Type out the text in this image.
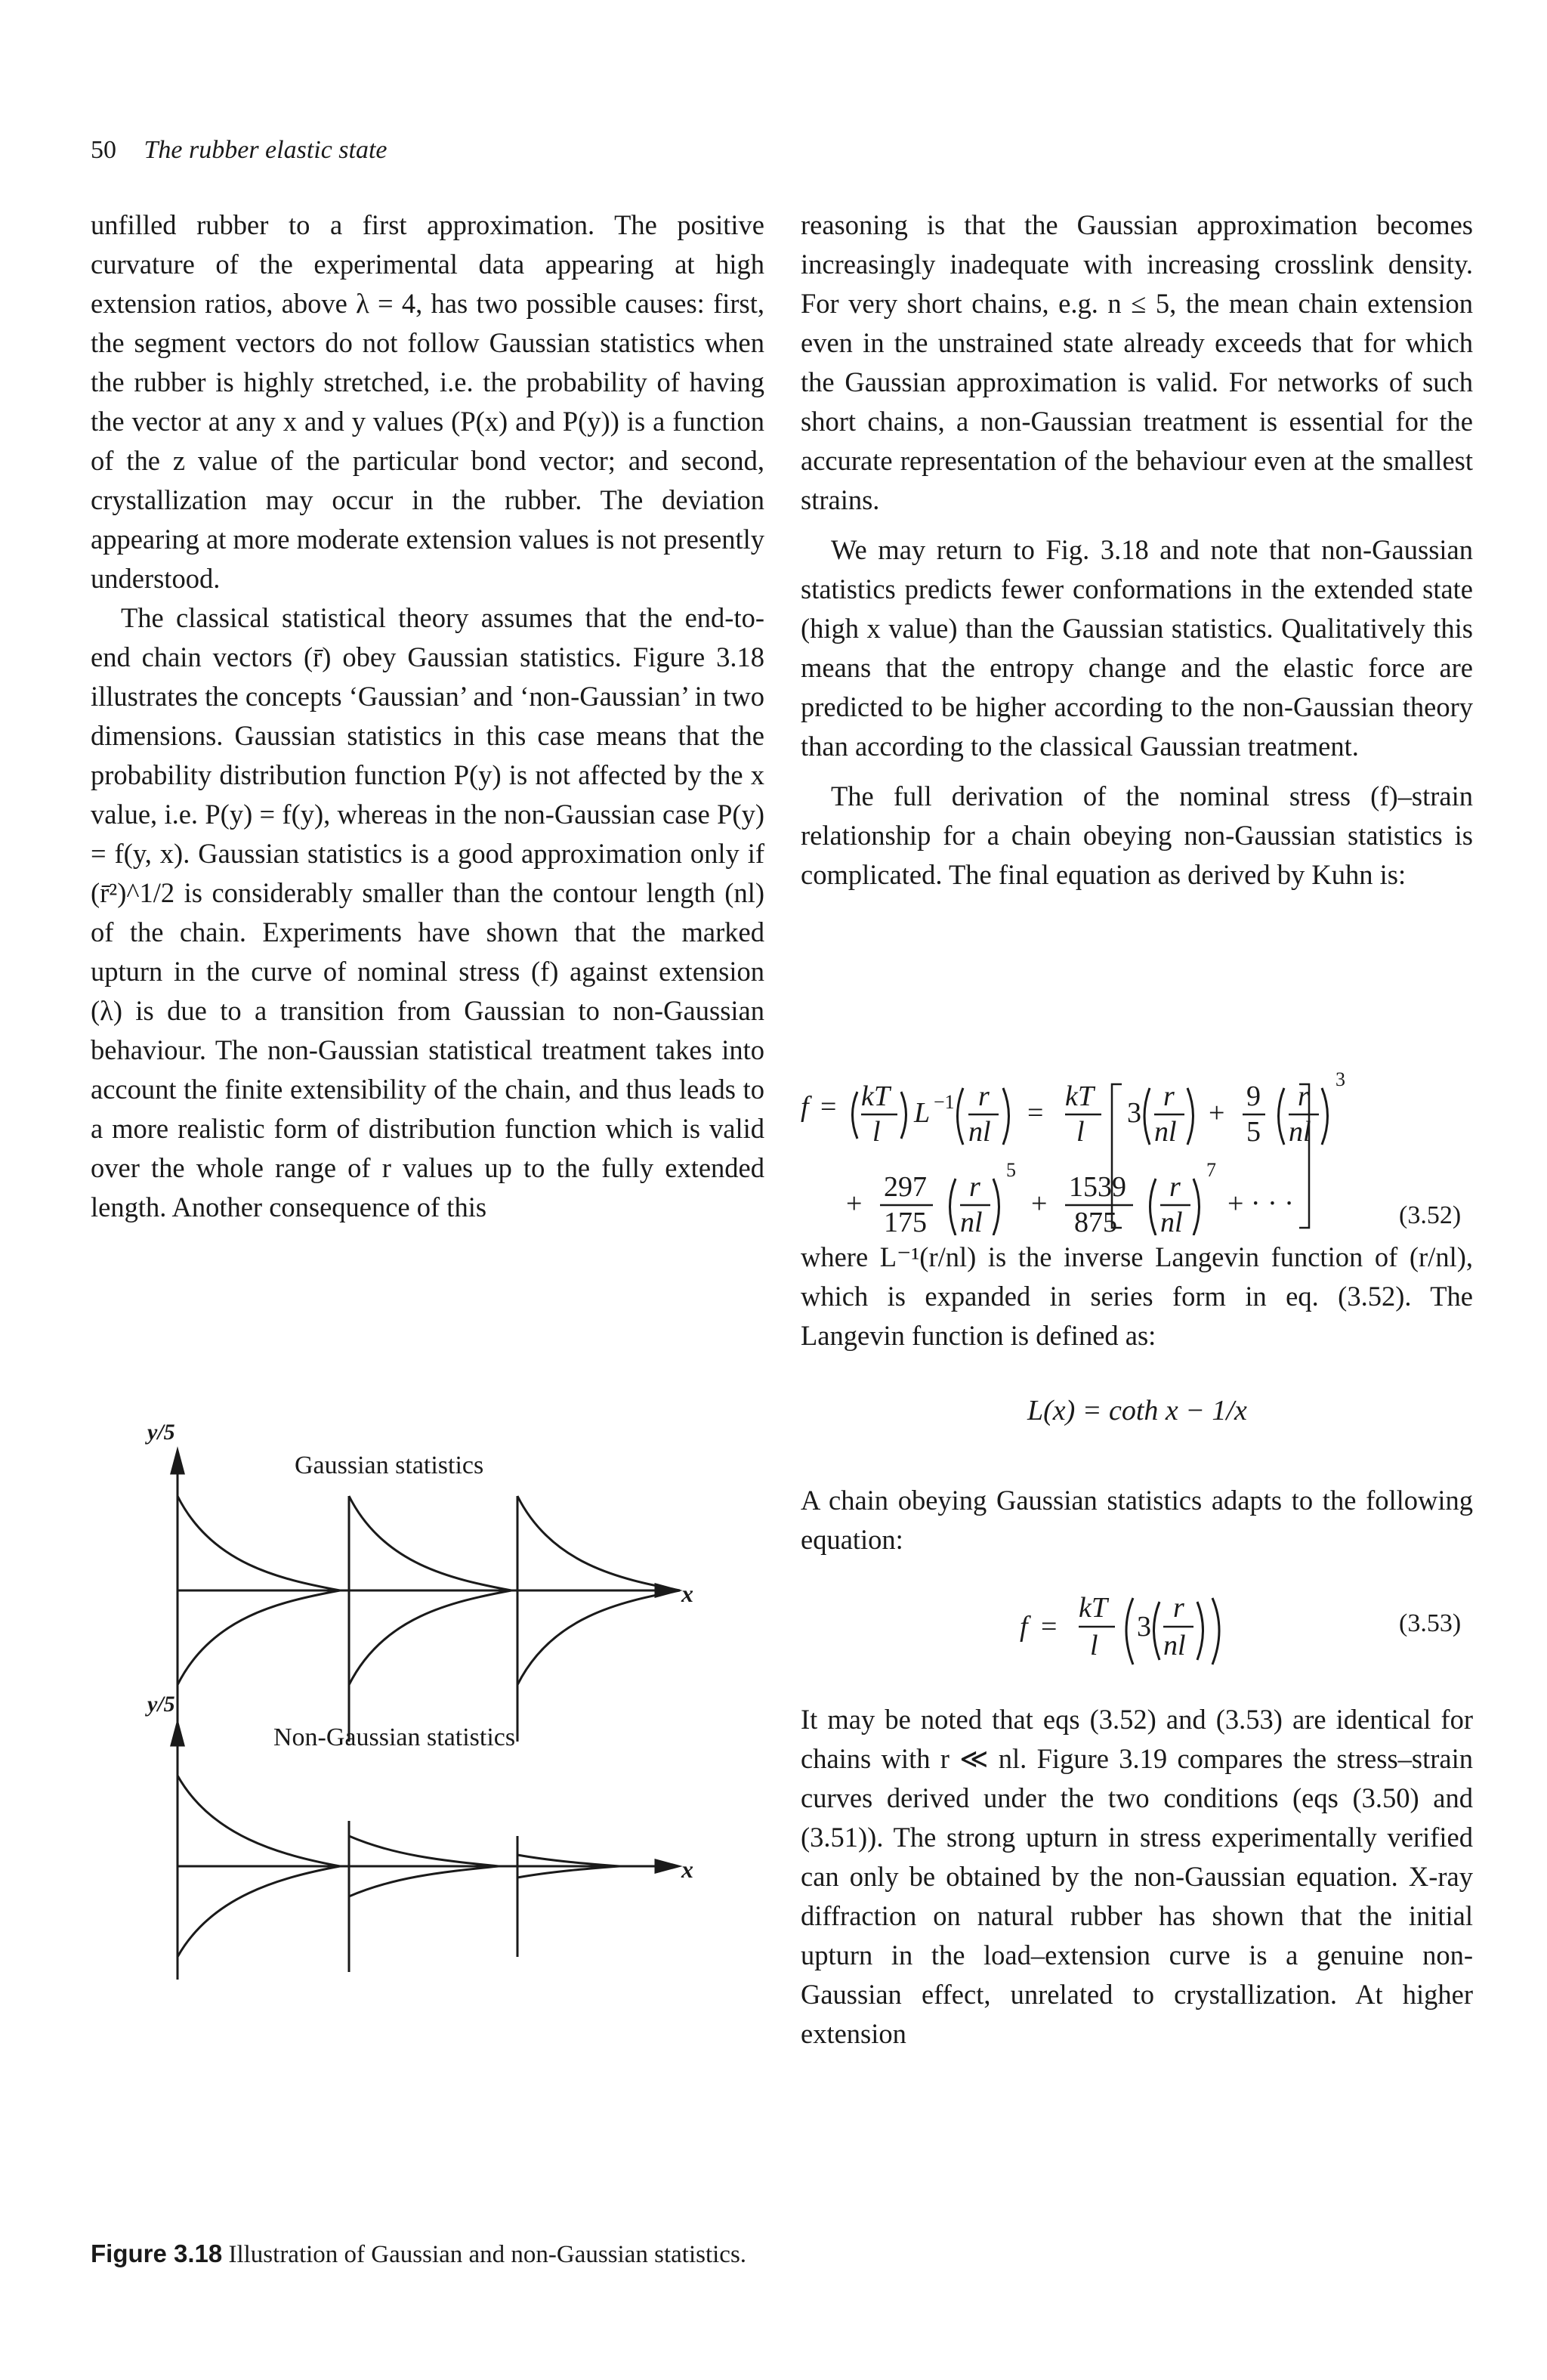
50 The rubber elastic state

unfilled rubber to a first approximation. The positive curvature of the experimental data appearing at high extension ratios, above λ = 4, has two possible causes: first, the segment vectors do not follow Gaussian statistics when the rubber is highly stretched, i.e. the probability of having the vector at any x and y values (P(x) and P(y)) is a function of the z value of the particular bond vector; and second, crystallization may occur in the rubber. The deviation appearing at more moderate extension values is not presently understood.

The classical statistical theory assumes that the end-to-end chain vectors (r̄) obey Gaussian statistics. Figure 3.18 illustrates the concepts ‘Gaussian’ and ‘non-Gaussian’ in two dimensions. Gaussian statistics in this case means that the probability distribution function P(y) is not affected by the x value, i.e. P(y) = f(y), whereas in the non-Gaussian case P(y) = f(y, x). Gaussian statistics is a good approximation only if (r̄²)^1/2 is considerably smaller than the contour length (nl) of the chain. Experiments have shown that the marked upturn in the curve of nominal stress (f) against extension (λ) is due to a transition from Gaussian to non-Gaussian behaviour. The non-Gaussian statistical treatment takes into account the finite extensibility of the chain, and thus leads to a more realistic form of distribution function which is valid over the whole range of r values up to the fully extended length. Another consequence of this

reasoning is that the Gaussian approximation becomes increasingly inadequate with increasing crosslink density. For very short chains, e.g. n ≤ 5, the mean chain extension even in the unstrained state already exceeds that for which the Gaussian approximation is valid. For networks of such short chains, a non-Gaussian treatment is essential for the accurate representation of the behaviour even at the smallest strains.

We may return to Fig. 3.18 and note that non-Gaussian statistics predicts fewer conformations in the extended state (high x value) than the Gaussian statistics. Qualitatively this means that the entropy change and the elastic force are predicted to be higher according to the non-Gaussian theory than according to the classical Gaussian treatment.

The full derivation of the nominal stress (f)–strain relationship for a chain obeying non-Gaussian statistics is complicated. The final equation as derived by Kuhn is:

f = kT
l
L −1 r
nl
=
kT
l
3
r
nl
+
9
5
r
nl
3
+
297
175
r
nl
5
+
1539
875
r
nl
7
+ · · ·	(3.52)

where L⁻¹(r/nl) is the inverse Langevin function of (r/nl), which is expanded in series form in eq. (3.52). The Langevin function is defined as:

L(x) = coth x − 1/x

A chain obeying Gaussian statistics adapts to the following equation:

f =
kT
l
3
r
nl
(3.53)

It may be noted that eqs (3.52) and (3.53) are identical for chains with r ≪ nl. Figure 3.19 compares the stress–strain curves derived under the two conditions (eqs (3.50) and (3.51)). The strong upturn in stress experimentally verified can only be obtained by the non-Gaussian equation. X-ray diffraction on natural rubber has shown that the initial upturn in the load–extension curve is a genuine non-Gaussian effect, unrelated to crystallization. At higher extension

y/5
Gaussian statistics
x
y/5
Non-Gaussian statistics
x
Figure 3.18 Illustration of Gaussian and non-Gaussian statistics.
